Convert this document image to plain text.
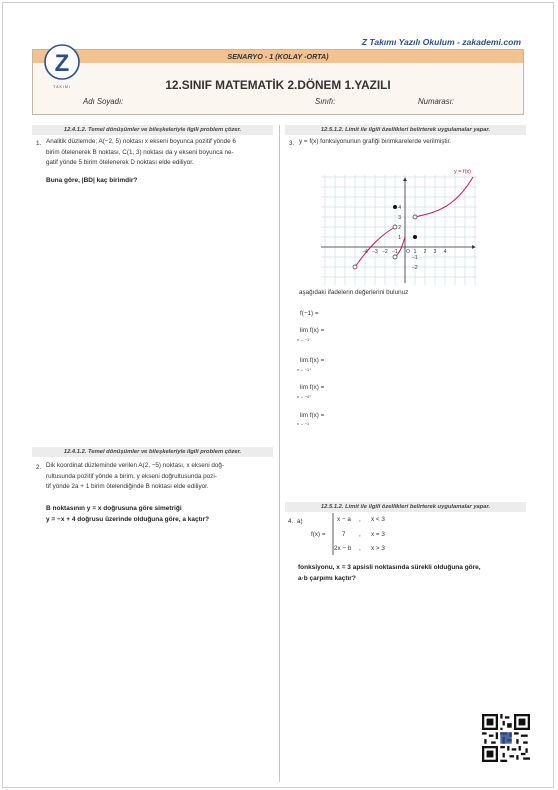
Z Takımı Yazılı Okulum - zakademi.com
SENARYO - 1 (KOLAY -ORTA)
12.SINIF MATEMATİK 2.DÖNEM 1.YAZILI
Adı Soyadı:	Sınıfı:	Numarası:
Z
TAKIMI
12.4.1.2. Temel dönüşümler ve bileşkeleriyle ilgili problem çözer.
1. Analitik düzlemde; A(−2, 5) noktası x ekseni boyunca pozitif yönde 6
birim ötelenerek B noktası, C(1, 3) noktası da y ekseni boyunca ne-
gatif yönde 5 birim ötelenerek D noktası elde ediliyor.
Buna göre, |BD| kaç birimdir?
12.4.1.2. Temel dönüşümler ve bileşkeleriyle ilgili problem çözer.
2. Dik koordinat düzleminde verilen A(2, −5) noktası, x ekseni doğ-
rultusunda pozitif yönde a birim, y ekseni doğrultusunda pozi-
tif yönde 2a + 1 birim ötelendiğinde B noktası elde ediliyor.
B noktasının y = x doğrusuna göre simetriği
y = −x + 4 doğrusu üzerinde olduğuna göre, a kaçtır?
12.5.1.2. Limit ile ilgili özellikleri belirterek uygulamalar yapar.
3. y = f(x) fonksiyonunun grafiği birimkarelerde verilmiştir.
y = f(x)
−4 −3 −2 −1 O 1 2 3 4
4
3
2
1
−1
−2
aşağıdaki ifadelerin değerlerini bulunuz
f(−1) =
lim f(x) =
x → −1⁻
lim f(x) =
x → −1⁺
lim f(x) =
x → −4⁺
lim f(x) =
x → −1
12.5.1.2. Limit ile ilgili özellikleri belirterek uygulamalar yapar.
4. a)
f(x) =
x − a , x < 3
7 , x = 3
2x − b , x > 3
fonksiyonu, x = 3 apsisli noktasında sürekli olduğuna göre,
a·b çarpımı kaçtır?
